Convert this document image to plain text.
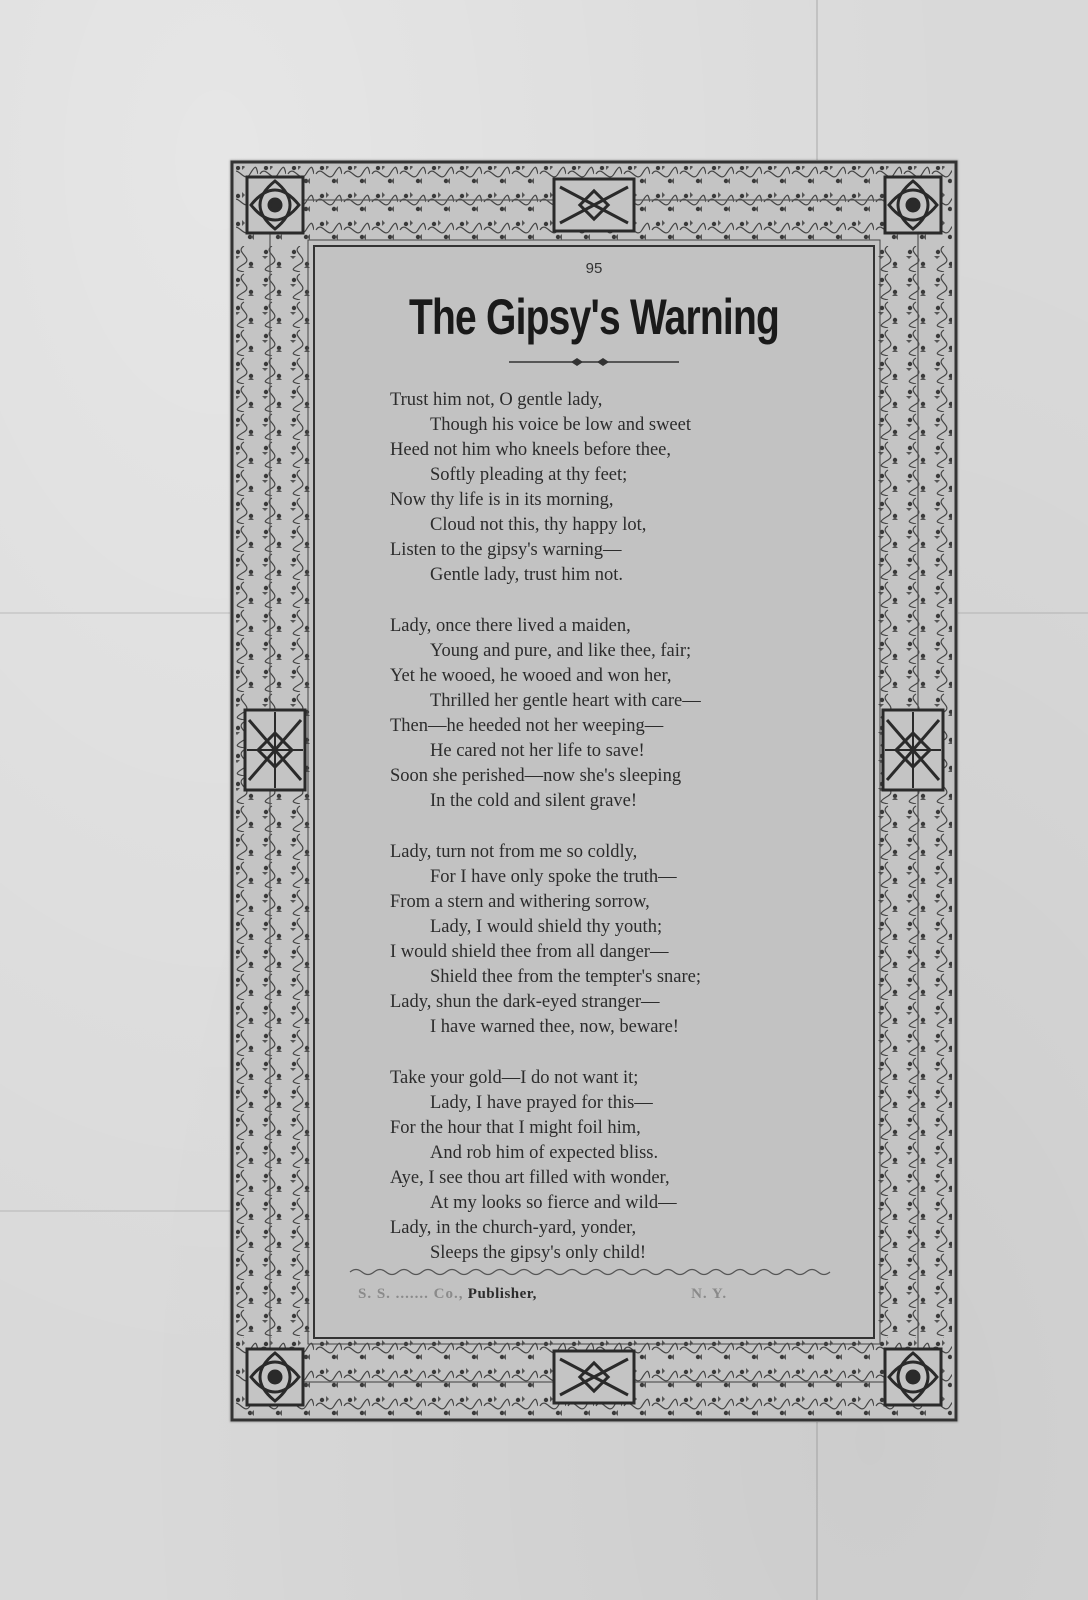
95

The Gipsy's Warning
Trust him not, O gentle lady,
Though his voice be low and sweet
Heed not him who kneels before thee,
Softly pleading at thy feet;
Now thy life is in its morning,
Cloud not this, thy happy lot,
Listen to the gipsy's warning—
Gentle lady, trust him not.
Lady, once there lived a maiden,
Young and pure, and like thee, fair;
Yet he wooed, he wooed and won her,
Thrilled her gentle heart with care—
Then—he heeded not her weeping—
He cared not her life to save!
Soon she perished—now she's sleeping
In the cold and silent grave!
Lady, turn not from me so coldly,
For I have only spoke the truth—
From a stern and withering sorrow,
Lady, I would shield thy youth;
I would shield thee from all danger—
Shield thee from the tempter's snare;
Lady, shun the dark-eyed stranger—
I have warned thee, now, beware!
Take your gold—I do not want it;
Lady, I have prayed for this—
For the hour that I might foil him,
And rob him of expected bliss.
Aye, I see thou art filled with wonder,
At my looks so fierce and wild—
Lady, in the church-yard, yonder,
Sleeps the gipsy's only child!
S. S. ....... Co., Publisher,	N. Y.
